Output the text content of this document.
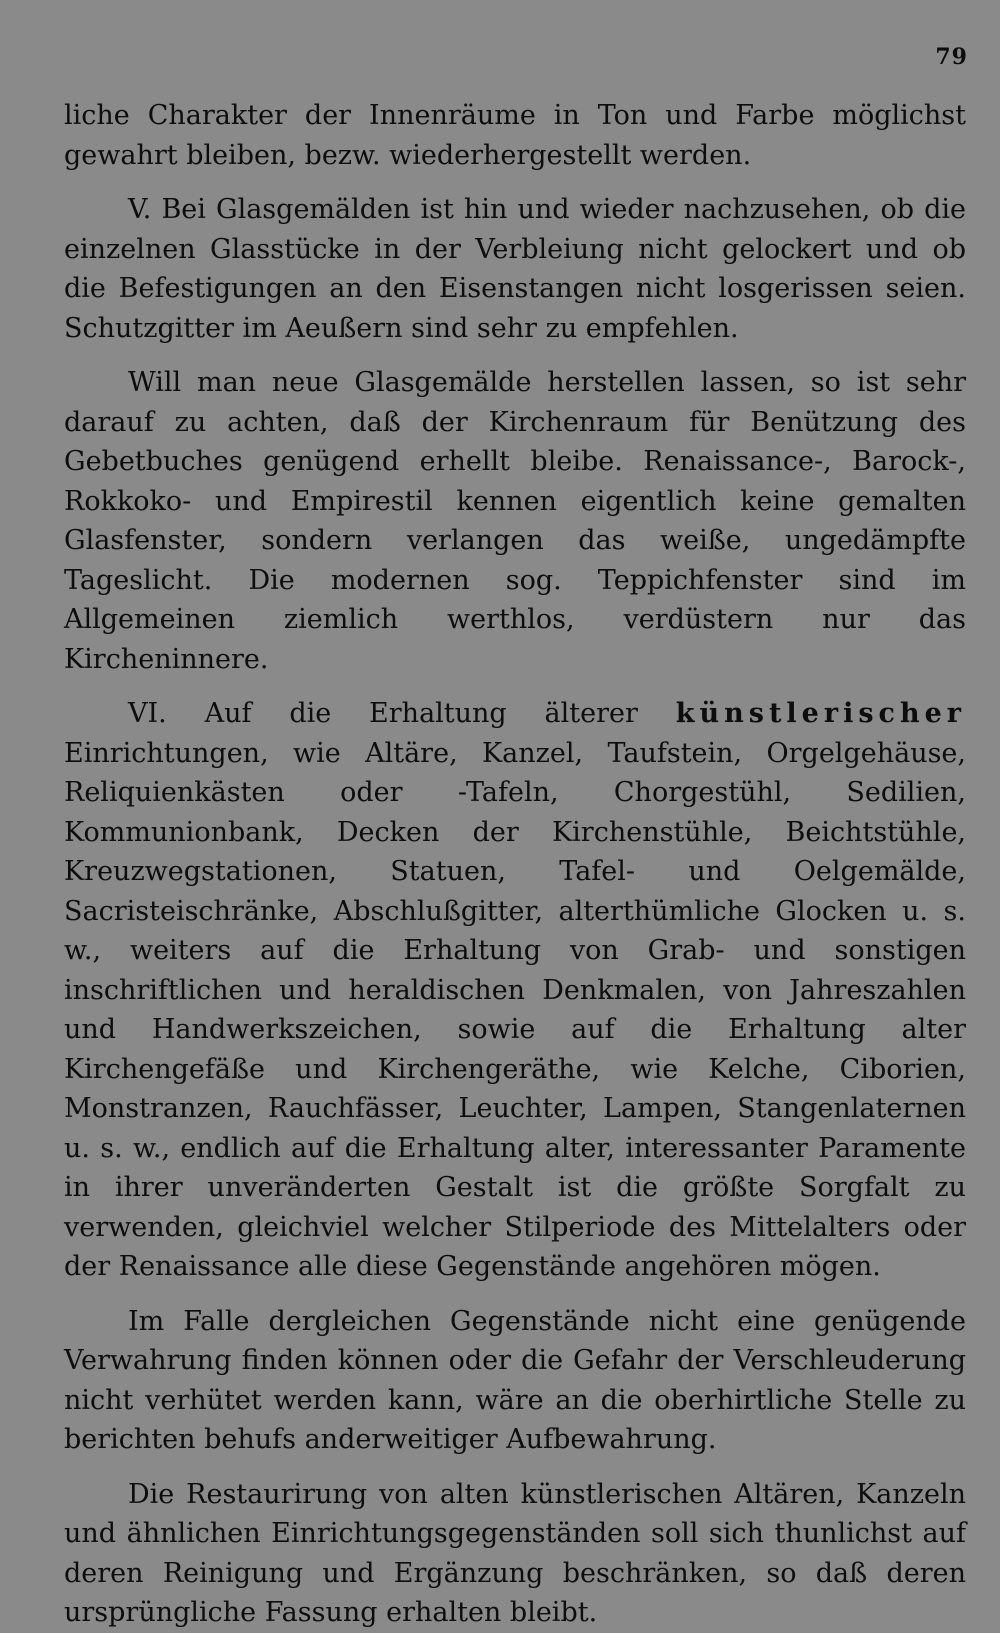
79

liche Charakter der Innenräume in Ton und Farbe möglichst gewahrt bleiben, bezw. wiederhergestellt werden.

V. Bei Glasgemälden ist hin und wieder nachzusehen, ob die einzelnen Glasstücke in der Verbleiung nicht gelockert und ob die Befestigungen an den Eisenstangen nicht losgerissen seien. Schutzgitter im Aeußern sind sehr zu empfehlen.

Will man neue Glasgemälde herstellen lassen, so ist sehr darauf zu achten, daß der Kirchenraum für Benützung des Gebetbuches genügend erhellt bleibe. Renaissance-, Barock-, Rokkoko- und Empirestil kennen eigentlich keine gemalten Glasfenster, sondern verlangen das weiße, ungedämpfte Tageslicht. Die modernen sog. Teppichfenster sind im Allgemeinen ziemlich werthlos, verdüstern nur das Kircheninnere.

VI. Auf die Erhaltung älterer künstlerischer Einrichtungen, wie Altäre, Kanzel, Taufstein, Orgelgehäuse, Reliquienkästen oder -Tafeln, Chorgestühl, Sedilien, Kommunionbank, Decken der Kirchenstühle, Beichtstühle, Kreuzwegstationen, Statuen, Tafel- und Oelgemälde, Sacristeischränke, Abschlußgitter, alterthümliche Glocken u. s. w., weiters auf die Erhaltung von Grab- und sonstigen inschriftlichen und heraldischen Denkmalen, von Jahreszahlen und Handwerkszeichen, sowie auf die Erhaltung alter Kirchengefäße und Kirchengeräthe, wie Kelche, Ciborien, Monstranzen, Rauchfässer, Leuchter, Lampen, Stangenlaternen u. s. w., endlich auf die Erhaltung alter, interessanter Paramente in ihrer unveränderten Gestalt ist die größte Sorgfalt zu verwenden, gleichviel welcher Stilperiode des Mittelalters oder der Renaissance alle diese Gegenstände angehören mögen.

Im Falle dergleichen Gegenstände nicht eine genügende Verwahrung finden können oder die Gefahr der Verschleuderung nicht verhütet werden kann, wäre an die oberhirtliche Stelle zu berichten behufs anderweitiger Aufbewahrung.

Die Restaurirung von alten künstlerischen Altären, Kanzeln und ähnlichen Einrichtungsgegenständen soll sich thunlichst auf deren Reinigung und Ergänzung beschränken, so daß deren ursprüngliche Fassung erhalten bleibt.
